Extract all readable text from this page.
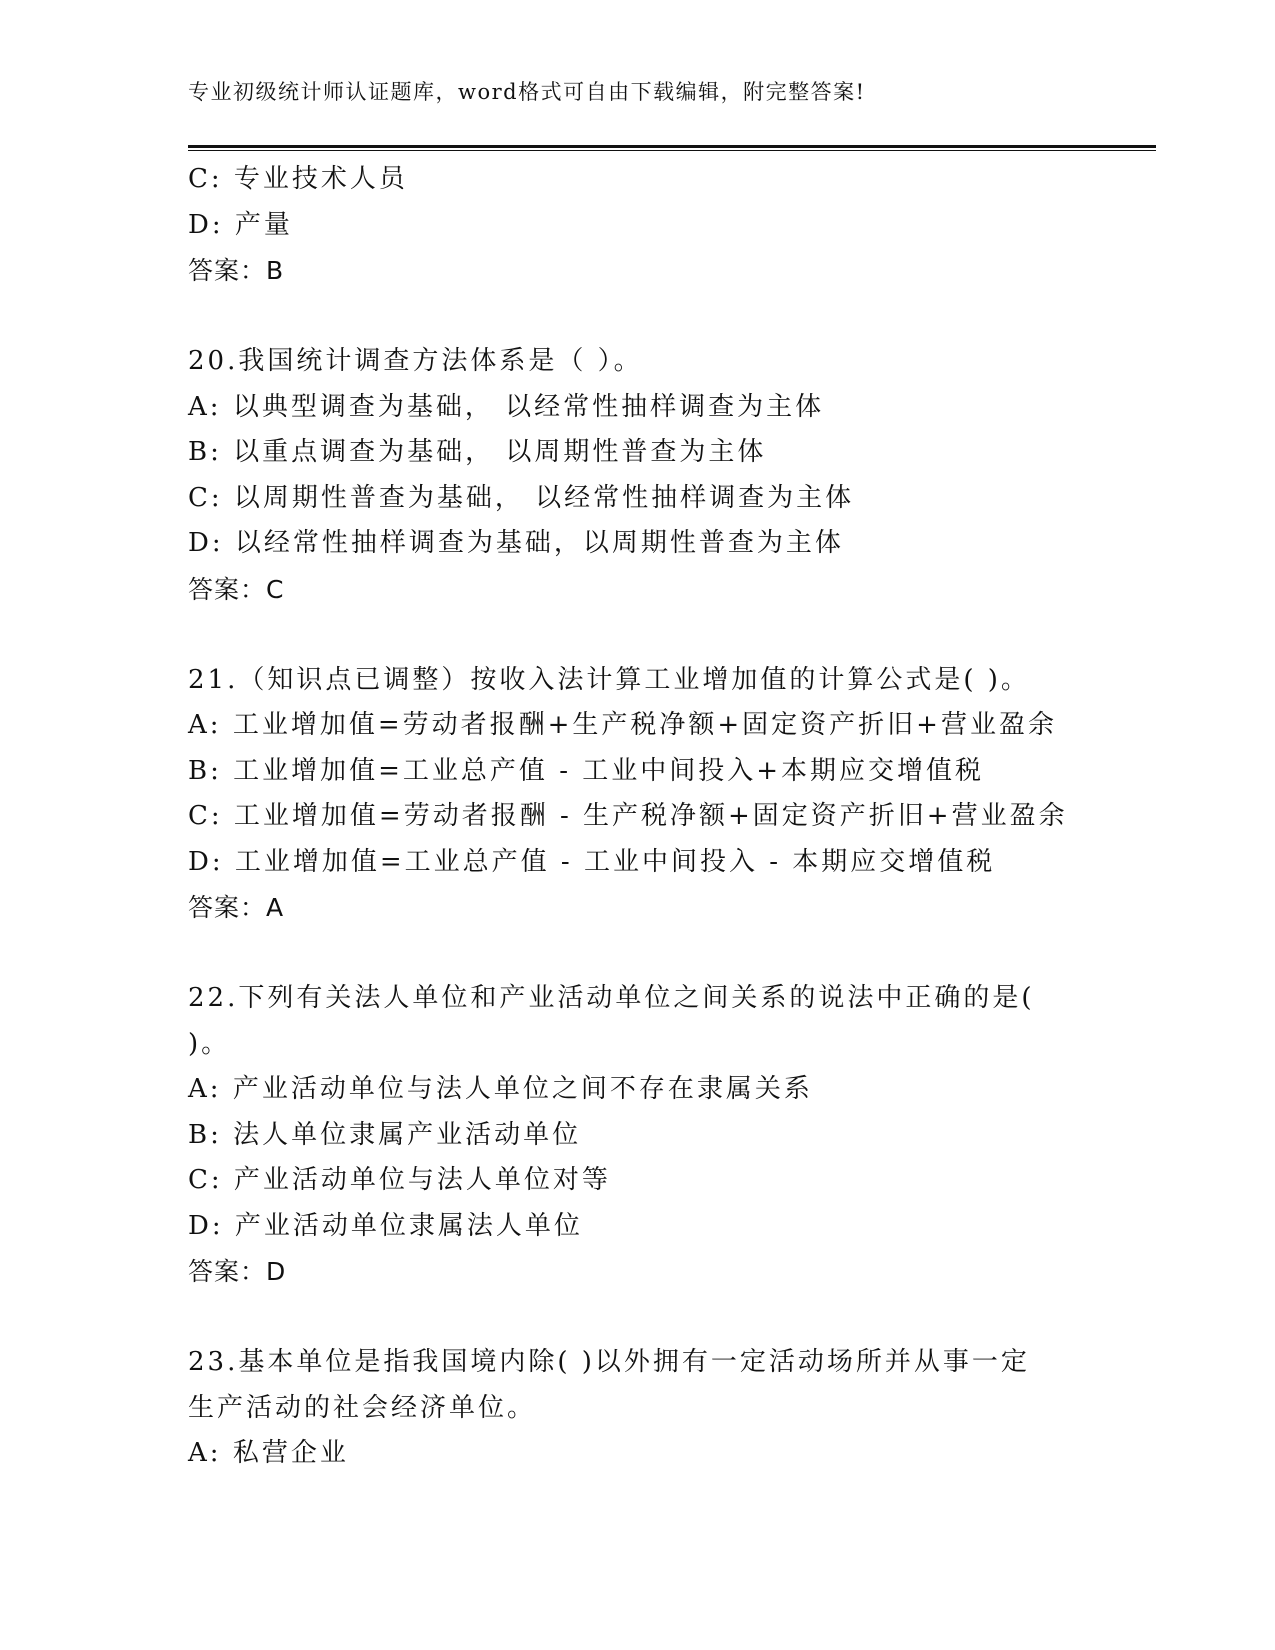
专业初级统计师认证题库，word格式可自由下载编辑，附完整答案!
C: 专业技术人员
D: 产量
答案：B
20.我国统计调查方法体系是（ ）。
A: 以典型调查为基础， 以经常性抽样调查为主体
B: 以重点调查为基础， 以周期性普查为主体
C: 以周期性普查为基础， 以经常性抽样调查为主体
D: 以经常性抽样调查为基础，以周期性普查为主体
答案：C
21.（知识点已调整）按收入法计算工业增加值的计算公式是( )。
A: 工业增加值=劳动者报酬+生产税净额+固定资产折旧+营业盈余
B: 工业增加值=工业总产值 - 工业中间投入+本期应交增值税
C: 工业增加值=劳动者报酬 - 生产税净额+固定资产折旧+营业盈余
D: 工业增加值=工业总产值 - 工业中间投入 - 本期应交增值税
答案：A
22.下列有关法人单位和产业活动单位之间关系的说法中正确的是(
)。
A: 产业活动单位与法人单位之间不存在隶属关系
B: 法人单位隶属产业活动单位
C: 产业活动单位与法人单位对等
D: 产业活动单位隶属法人单位
答案：D
23.基本单位是指我国境内除( )以外拥有一定活动场所并从事一定
生产活动的社会经济单位。
A: 私营企业
